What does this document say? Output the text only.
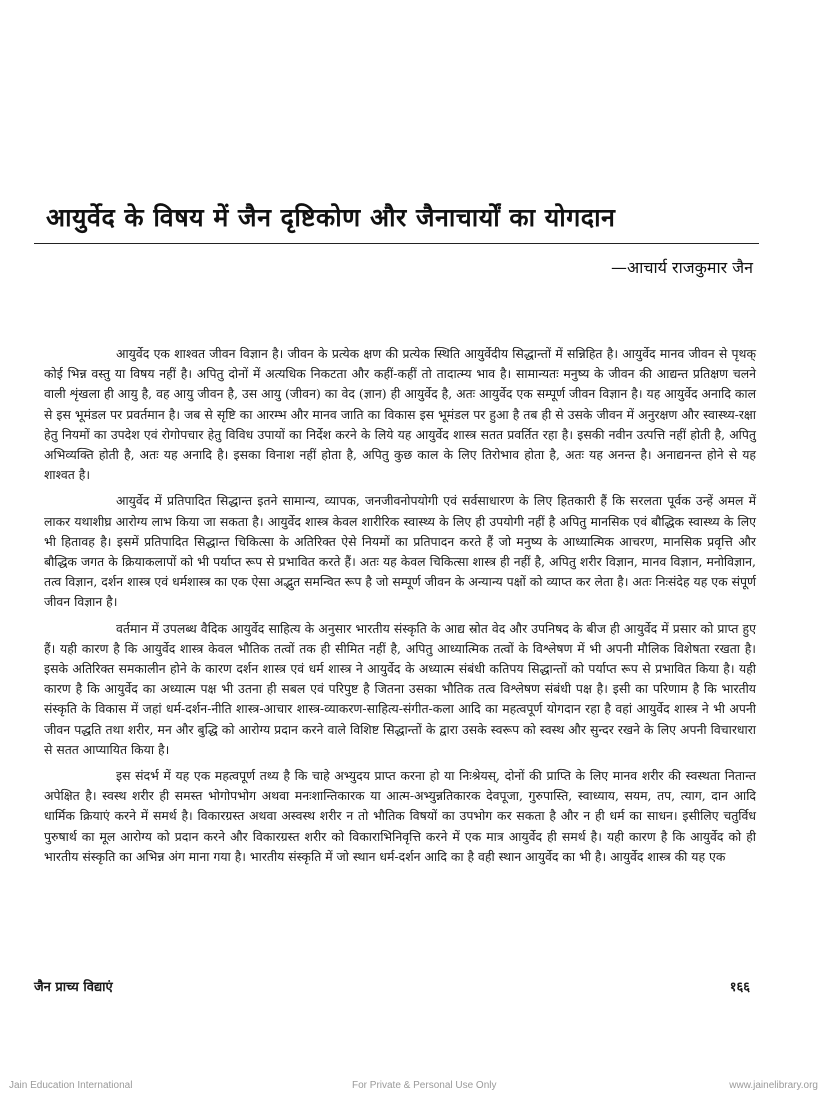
आयुर्वेद के विषय में जैन दृष्टिकोण और जैनाचार्यों का योगदान
—आचार्य राजकुमार जैन

आयुर्वेद एक शाश्वत जीवन विज्ञान है। जीवन के प्रत्येक क्षण की प्रत्येक स्थिति आयुर्वेदीय सिद्धान्तों में सन्निहित है। आयुर्वेद मानव जीवन से पृथक् कोई भिन्न वस्तु या विषय नहीं है। अपितु दोनों में अत्यधिक निकटता और कहीं-कहीं तो तादात्म्य भाव है। सामान्यतः मनुष्य के जीवन की आद्यन्त प्रतिक्षण चलने वाली शृंखला ही आयु है, वह आयु जीवन है, उस आयु (जीवन) का वेद (ज्ञान) ही आयुर्वेद है, अतः आयुर्वेद एक सम्पूर्ण जीवन विज्ञान है। यह आयुर्वेद अनादि काल से इस भूमंडल पर प्रवर्तमान है। जब से सृष्टि का आरम्भ और मानव जाति का विकास इस भूमंडल पर हुआ है तब ही से उसके जीवन में अनुरक्षण और स्वास्थ्य-रक्षा हेतु नियमों का उपदेश एवं रोगोपचार हेतु विविध उपायों का निर्देश करने के लिये यह आयुर्वेद शास्त्र सतत प्रवर्तित रहा है। इसकी नवीन उत्पत्ति नहीं होती है, अपितु अभिव्यक्ति होती है, अतः यह अनादि है। इसका विनाश नहीं होता है, अपितु कुछ काल के लिए तिरोभाव होता है, अतः यह अनन्त है। अनाद्यनन्त होने से यह शाश्वत है।

आयुर्वेद में प्रतिपादित सिद्धान्त इतने सामान्य, व्यापक, जनजीवनोपयोगी एवं सर्वसाधारण के लिए हितकारी हैं कि सरलता पूर्वक उन्हें अमल में लाकर यथाशीघ्र आरोग्य लाभ किया जा सकता है। आयुर्वेद शास्त्र केवल शारीरिक स्वास्थ्य के लिए ही उपयोगी नहीं है अपितु मानसिक एवं बौद्धिक स्वास्थ्य के लिए भी हितावह है। इसमें प्रतिपादित सिद्धान्त चिकित्सा के अतिरिक्त ऐसे नियमों का प्रतिपादन करते हैं जो मनुष्य के आध्यात्मिक आचरण, मानसिक प्रवृत्ति और बौद्धिक जगत के क्रियाकलापों को भी पर्याप्त रूप से प्रभावित करते हैं। अतः यह केवल चिकित्सा शास्त्र ही नहीं है, अपितु शरीर विज्ञान, मानव विज्ञान, मनोविज्ञान, तत्व विज्ञान, दर्शन शास्त्र एवं धर्मशास्त्र का एक ऐसा अद्भुत समन्वित रूप है जो सम्पूर्ण जीवन के अन्यान्य पक्षों को व्याप्त कर लेता है। अतः निःसंदेह यह एक संपूर्ण जीवन विज्ञान है।

वर्तमान में उपलब्ध वैदिक आयुर्वेद साहित्य के अनुसार भारतीय संस्कृति के आद्य स्रोत वेद और उपनिषद के बीज ही आयुर्वेद में प्रसार को प्राप्त हुए हैं। यही कारण है कि आयुर्वेद शास्त्र केवल भौतिक तत्वों तक ही सीमित नहीं है, अपितु आध्यात्मिक तत्वों के विश्लेषण में भी अपनी मौलिक विशेषता रखता है। इसके अतिरिक्त समकालीन होने के कारण दर्शन शास्त्र एवं धर्म शास्त्र ने आयुर्वेद के अध्यात्म संबंधी कतिपय सिद्धान्तों को पर्याप्त रूप से प्रभावित किया है। यही कारण है कि आयुर्वेद का अध्यात्म पक्ष भी उतना ही सबल एवं परिपुष्ट है जितना उसका भौतिक तत्व विश्लेषण संबंधी पक्ष है। इसी का परिणाम है कि भारतीय संस्कृति के विकास में जहां धर्म-दर्शन-नीति शास्त्र-आचार शास्त्र-व्याकरण-साहित्य-संगीत-कला आदि का महत्वपूर्ण योगदान रहा है वहां आयुर्वेद शास्त्र ने भी अपनी जीवन पद्धति तथा शरीर, मन और बुद्धि को आरोग्य प्रदान करने वाले विशिष्ट सिद्धान्तों के द्वारा उसके स्वरूप को स्वस्थ और सुन्दर रखने के लिए अपनी विचारधारा से सतत आप्यायित किया है।

इस संदर्भ में यह एक महत्वपूर्ण तथ्य है कि चाहे अभ्युदय प्राप्त करना हो या निःश्रेयस्, दोनों की प्राप्ति के लिए मानव शरीर की स्वस्थता नितान्त अपेक्षित है। स्वस्थ शरीर ही समस्त भोगोपभोग अथवा मनःशान्तिकारक या आत्म-अभ्युन्नतिकारक देवपूजा, गुरुपास्ति, स्वाध्याय, सयम, तप, त्याग, दान आदि धार्मिक क्रियाएं करने में समर्थ है। विकारग्रस्त अथवा अस्वस्थ शरीर न तो भौतिक विषयों का उपभोग कर सकता है और न ही धर्म का साधन। इसीलिए चतुर्विध पुरुषार्थ का मूल आरोग्य को प्रदान करने और विकारग्रस्त शरीर को विकाराभिनिवृत्ति करने में एक मात्र आयुर्वेद ही समर्थ है। यही कारण है कि आयुर्वेद को ही भारतीय संस्कृति का अभिन्न अंग माना गया है। भारतीय संस्कृति में जो स्थान धर्म-दर्शन आदि का है वही स्थान आयुर्वेद का भी है। आयुर्वेद शास्त्र की यह एक

जैन प्राच्य विद्याएं	१६६
Jain Education International	For Private & Personal Use Only	www.jainelibrary.org
